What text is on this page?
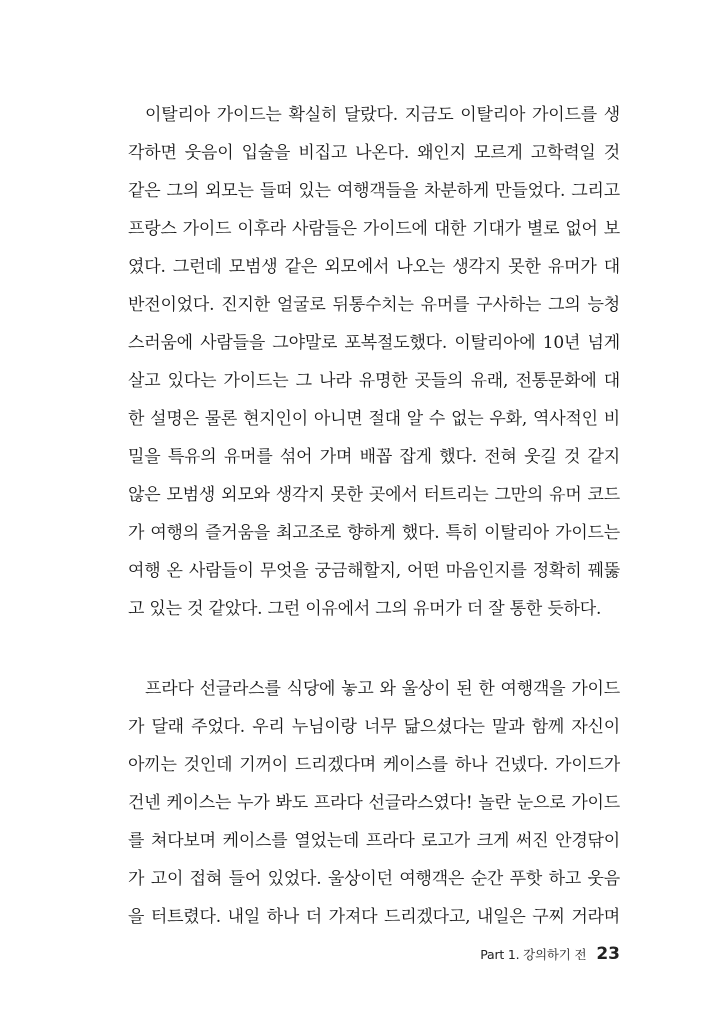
이탈리아 가이드는 확실히 달랐다. 지금도 이탈리아 가이드를 생
각하면 웃음이 입술을 비집고 나온다. 왜인지 모르게 고학력일 것
같은 그의 외모는 들떠 있는 여행객들을 차분하게 만들었다. 그리고
프랑스 가이드 이후라 사람들은 가이드에 대한 기대가 별로 없어 보
였다. 그런데 모범생 같은 외모에서 나오는 생각지 못한 유머가 대
반전이었다. 진지한 얼굴로 뒤통수치는 유머를 구사하는 그의 능청
스러움에 사람들을 그야말로 포복절도했다. 이탈리아에 10년 넘게
살고 있다는 가이드는 그 나라 유명한 곳들의 유래, 전통문화에 대
한 설명은 물론 현지인이 아니면 절대 알 수 없는 우화, 역사적인 비
밀을 특유의 유머를 섞어 가며 배꼽 잡게 했다. 전혀 웃길 것 같지
않은 모범생 외모와 생각지 못한 곳에서 터트리는 그만의 유머 코드
가 여행의 즐거움을 최고조로 향하게 했다. 특히 이탈리아 가이드는
여행 온 사람들이 무엇을 궁금해할지, 어떤 마음인지를 정확히 꿰뚫
고 있는 것 같았다. 그런 이유에서 그의 유머가 더 잘 통한 듯하다.
프라다 선글라스를 식당에 놓고 와 울상이 된 한 여행객을 가이드
가 달래 주었다. 우리 누님이랑 너무 닮으셨다는 말과 함께 자신이
아끼는 것인데 기꺼이 드리겠다며 케이스를 하나 건넸다. 가이드가
건넨 케이스는 누가 봐도 프라다 선글라스였다! 놀란 눈으로 가이드
를 쳐다보며 케이스를 열었는데 프라다 로고가 크게 써진 안경닦이
가 고이 접혀 들어 있었다. 울상이던 여행객은 순간 푸핫 하고 웃음
을 터트렸다. 내일 하나 더 가져다 드리겠다고, 내일은 구찌 거라며
Part 1. 강의하기 전 23
